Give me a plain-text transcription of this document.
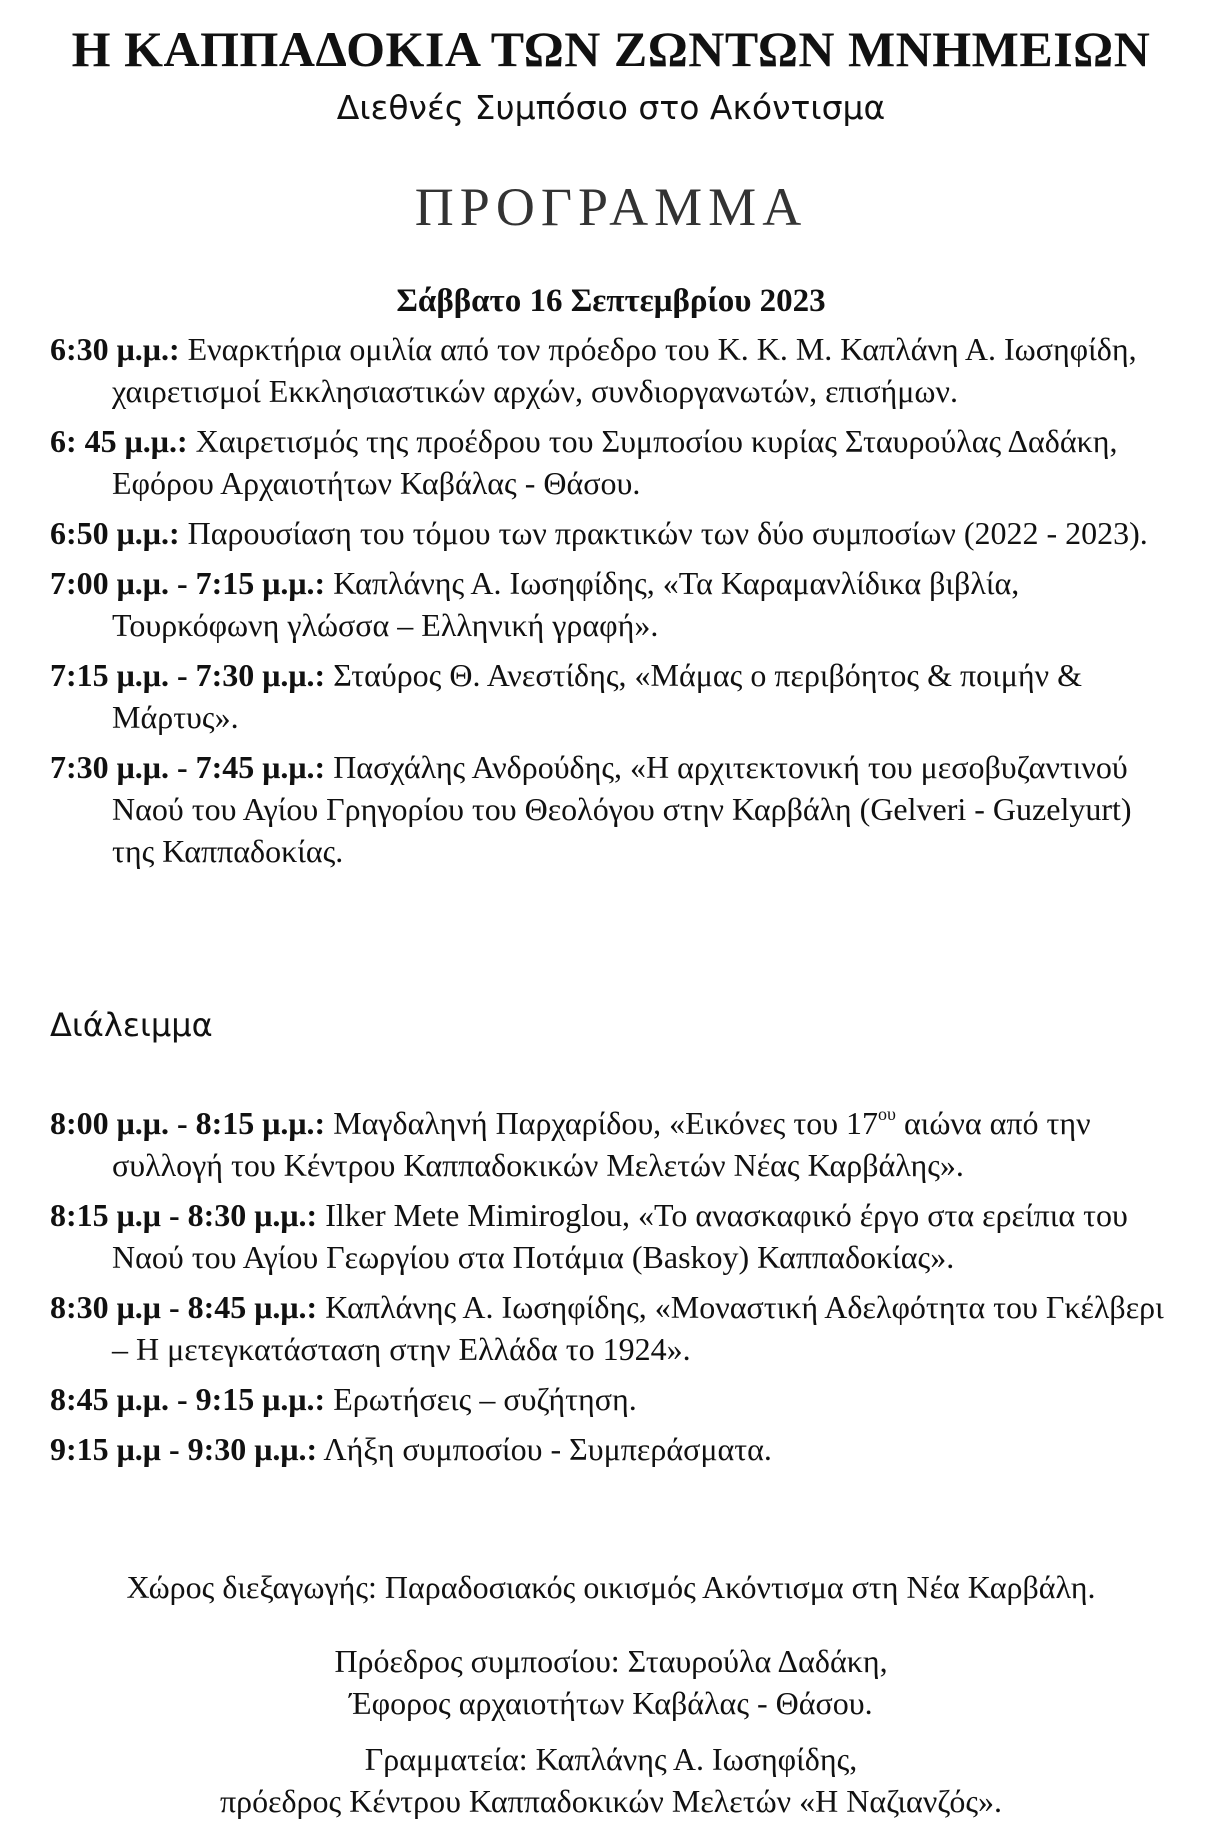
Η ΚΑΠΠΑΔΟΚΙΑ ΤΩΝ ΖΩΝΤΩΝ ΜΝΗΜΕΙΩΝ
Διεθνές Συμπόσιο στο Ακόντισμα
ΠΡΟΓΡΑΜΜΑ
Σάββατο 16 Σεπτεμβρίου 2023

6:30 μ.μ.: Εναρκτήρια ομιλία από τον πρόεδρο του Κ. Κ. Μ. Καπλάνη Α. Ιωσηφίδη, χαιρετισμοί Εκκλησιαστικών αρχών, συνδιοργανωτών, επισήμων.

6: 45 μ.μ.: Χαιρετισμός της προέδρου του Συμποσίου κυρίας Σταυρούλας Δαδάκη, Εφόρου Αρχαιοτήτων Καβάλας - Θάσου.

6:50 μ.μ.: Παρουσίαση του τόμου των πρακτικών των δύο συμποσίων (2022 - 2023).

7:00 μ.μ. - 7:15 μ.μ.: Καπλάνης Α. Ιωσηφίδης, «Τα Καραμανλίδικα βιβλία, Τουρκόφωνη γλώσσα – Ελληνική γραφή».

7:15 μ.μ. - 7:30 μ.μ.: Σταύρος Θ. Ανεστίδης, «Μάμας ο περιβόητος & ποιμήν & Μάρτυς».

7:30 μ.μ. - 7:45 μ.μ.: Πασχάλης Ανδρούδης, «Η αρχιτεκτονική του μεσοβυζαντινού Ναού του Αγίου Γρηγορίου του Θεολόγου στην Καρβάλη (Gelveri - Guzelyurt) της Καππαδοκίας.

Διάλειμμα

8:00 μ.μ. - 8:15 μ.μ.: Μαγδαληνή Παρχαρίδου, «Εικόνες του $17^{o\upsilon}$ αιώνα από την συλλογή του Κέντρου Καππαδοκικών Μελετών Νέας Καρβάλης».

8:15 μ.μ - 8:30 μ.μ.: Ilker Mete Mimiroglou, «Το ανασκαφικό έργο στα ερείπια του Ναού του Αγίου Γεωργίου στα Ποτάμια (Baskoy) Καππαδοκίας».

8:30 μ.μ - 8:45 μ.μ.: Καπλάνης Α. Ιωσηφίδης, «Μοναστική Αδελφότητα του Γκέλβερι – Η μετεγκατάσταση στην Ελλάδα το 1924».

8:45 μ.μ. - 9:15 μ.μ.: Ερωτήσεις – συζήτηση.

9:15 μ.μ - 9:30 μ.μ.: Λήξη συμποσίου - Συμπεράσματα.

Χώρος διεξαγωγής: Παραδοσιακός οικισμός Ακόντισμα στη Νέα Καρβάλη.
Πρόεδρος συμποσίου: Σταυρούλα Δαδάκη,
Έφορος αρχαιοτήτων Καβάλας - Θάσου.
Γραμματεία: Καπλάνης Α. Ιωσηφίδης,
πρόεδρος Κέντρου Καππαδοκικών Μελετών «Η Ναζιανζός».
